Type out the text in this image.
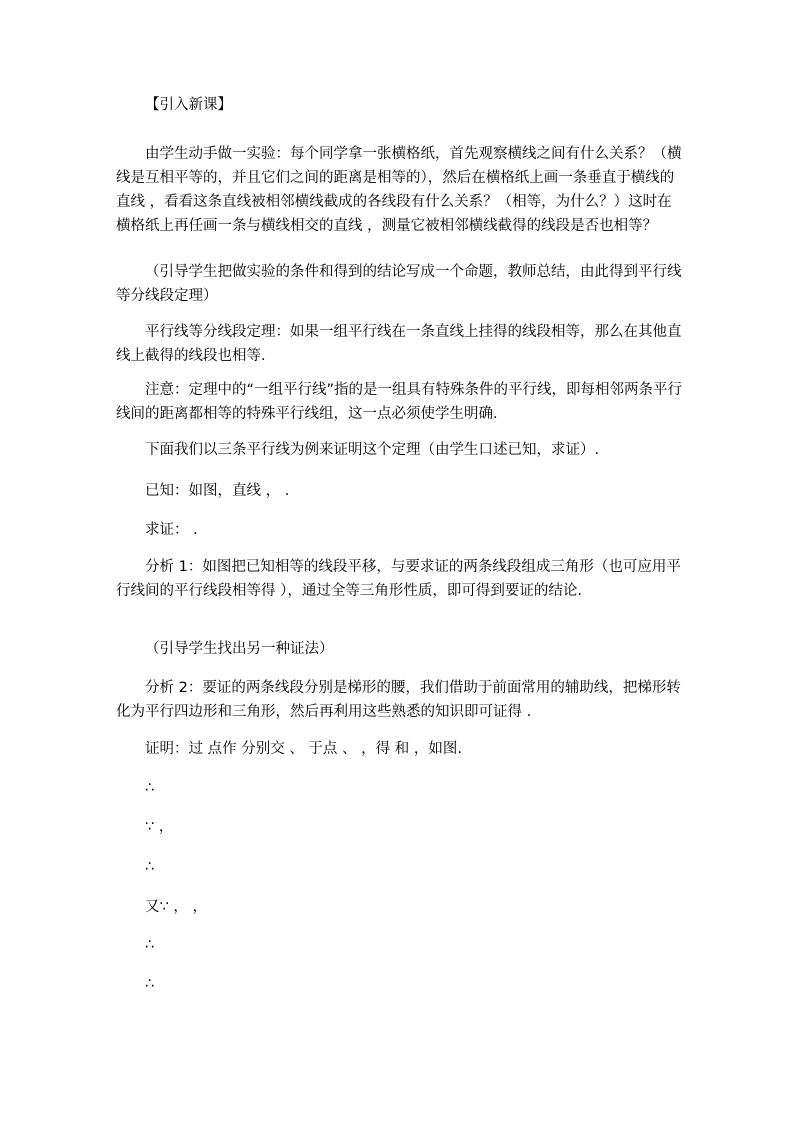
【引入新课】

由学生动手做一实验：每个同学拿一张横格纸，首先观察横线之间有什么关系？（横线是互相平等的，并且它们之间的距离是相等的），然后在横格纸上画一条垂直于横线的直线 ，看看这条直线被相邻横线截成的各线段有什么关系？（相等，为什么？）这时在横格纸上再任画一条与横线相交的直线 ，测量它被相邻横线截得的线段是否也相等？

（引导学生把做实验的条件和得到的结论写成一个命题，教师总结，由此得到平行线等分线段定理）

平行线等分线段定理：如果一组平行线在一条直线上挂得的线段相等，那么在其他直线上截得的线段也相等.

注意：定理中的“一组平行线”指的是一组具有特殊条件的平行线，即每相邻两条平行线间的距离都相等的特殊平行线组，这一点必须使学生明确.

下面我们以三条平行线为例来证明这个定理（由学生口述已知，求证）.

已知：如图，直线 ， .

求证： .

分析 1：如图把已知相等的线段平移，与要求证的两条线段组成三角形（也可应用平行线间的平行线段相等得 ），通过全等三角形性质，即可得到要证的结论.

（引导学生找出另一种证法）

分析 2：要证的两条线段分别是梯形的腰，我们借助于前面常用的辅助线，把梯形转化为平行四边形和三角形，然后再利用这些熟悉的知识即可证得 .

证明：过 点作 分别交 、 于点 、 ，得 和 ，如图.

∴

∵ ，

∴

又∵ ， ，

∴

∴
